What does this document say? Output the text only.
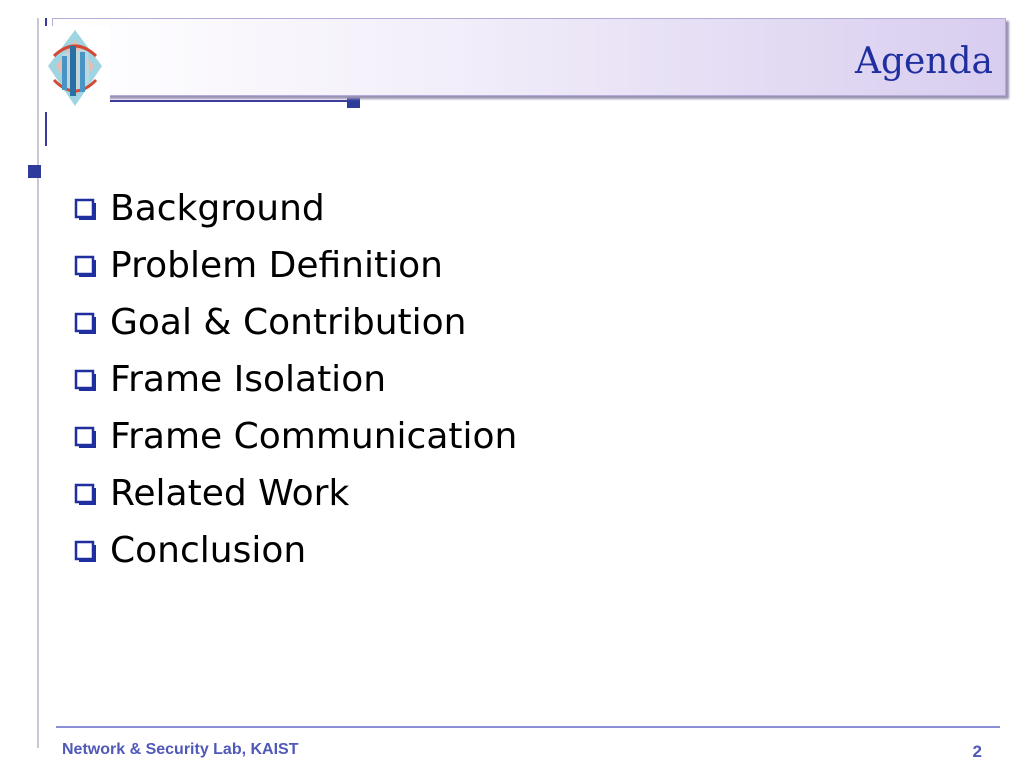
Agenda
Background
Problem Definition
Goal & Contribution
Frame Isolation
Frame Communication
Related Work
Conclusion
Network & Security Lab, KAIST	2
